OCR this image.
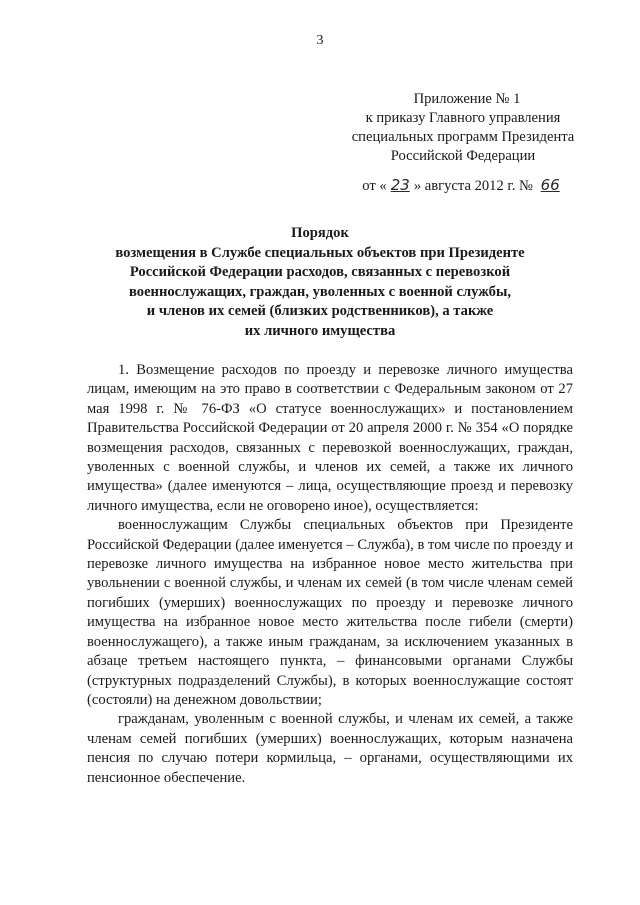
3
Приложение № 1
к приказу Главного управления
специальных программ Президента
Российской Федерации
от « 23 » августа 2012 г. № 66
Порядок
возмещения в Службе специальных объектов при Президенте
Российской Федерации расходов, связанных с перевозкой
военнослужащих, граждан, уволенных с военной службы,
и членов их семей (близких родственников), а также
их личного имущества

1. Возмещение расходов по проезду и перевозке личного имущества лицам, имеющим на это право в соответствии с Федеральным законом от 27 мая 1998 г. № 76-ФЗ «О статусе военнослужащих» и постановлением Правительства Российской Федерации от 20 апреля 2000 г. № 354 «О порядке возмещения расходов, связанных с перевозкой военнослужащих, граждан, уволенных с военной службы, и членов их семей, а также их личного имущества» (далее именуются – лица, осуществляющие проезд и перевозку личного имущества, если не оговорено иное), осуществляется:

военнослужащим Службы специальных объектов при Президенте Российской Федерации (далее именуется – Служба), в том числе по проезду и перевозке личного имущества на избранное новое место жительства при увольнении с военной службы, и членам их семей (в том числе членам семей погибших (умерших) военнослужащих по проезду и перевозке личного имущества на избранное новое место жительства после гибели (смерти) военнослужащего), а также иным гражданам, за исключением указанных в абзаце третьем настоящего пункта, – финансовыми органами Службы (структурных подразделений Службы), в которых военнослужащие состоят (состояли) на денежном довольствии;

гражданам, уволенным с военной службы, и членам их семей, а также членам семей погибших (умерших) военнослужащих, которым назначена пенсия по случаю потери кормильца, – органами, осуществляющими их пенсионное обеспечение.
